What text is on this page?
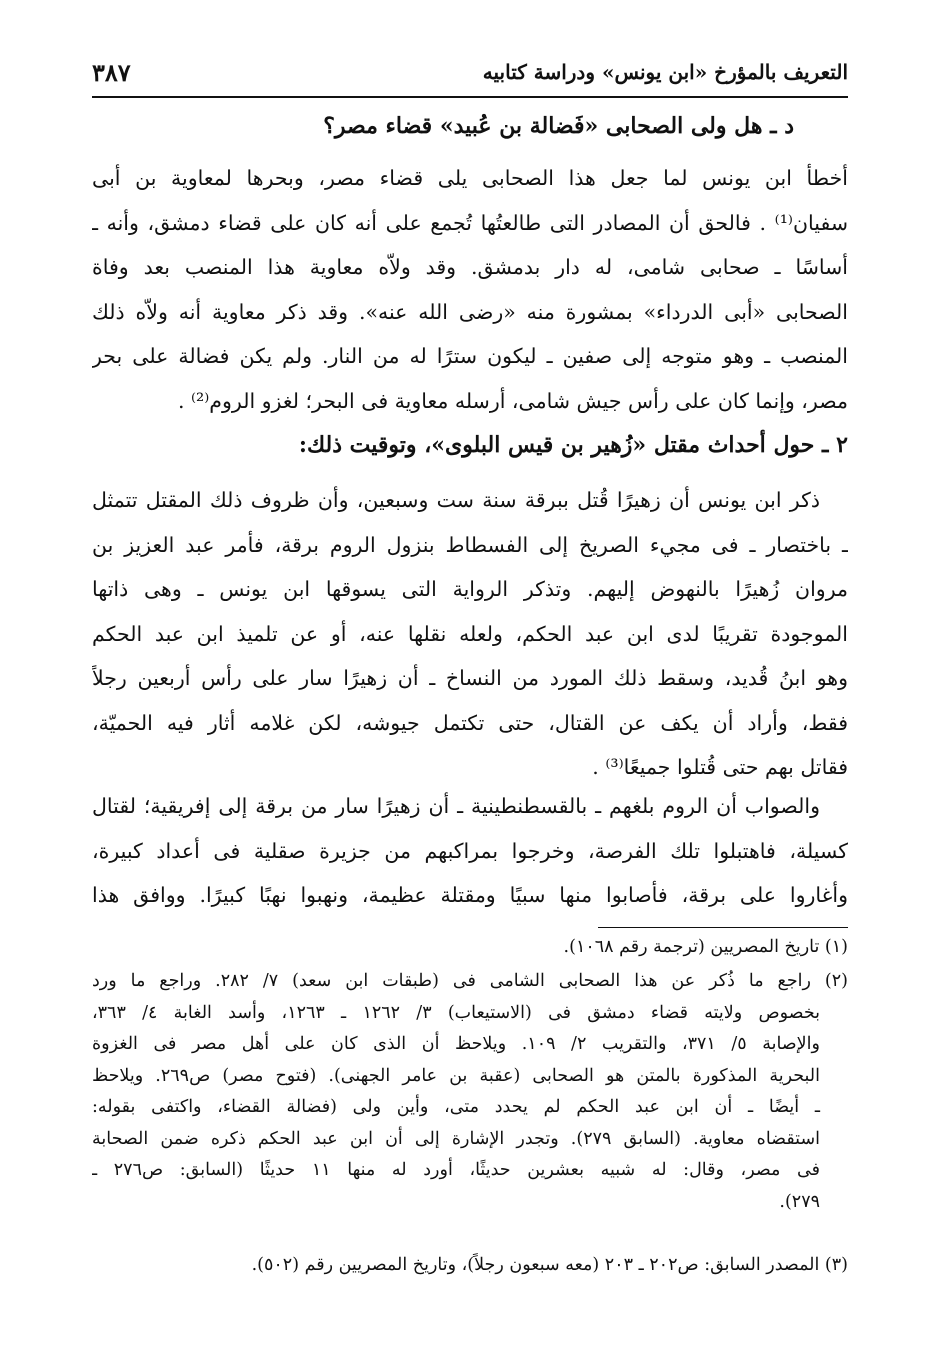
التعريف بالمؤرخ «ابن يونس» ودراسة كتابيه
٣٨٧
د ـ هل ولى الصحابى «فَضالة بن عُبيد» قضاء مصر؟
أخطأ ابن يونس لما جعل هذا الصحابى يلى قضاء مصر، وبحرها لمعاوية بن أبى
سفيان⁽¹⁾ . فالحق أن المصادر التى طالعتُها تُجمع على أنه كان على قضاء دمشق، وأنه ـ
أساسًا ـ صحابى شامى، له دار بدمشق. وقد ولاّه معاوية هذا المنصب بعد وفاة
الصحابى «أبى الدرداء» بمشورة منه «رضى الله عنه». وقد ذكر معاوية أنه ولاّه ذلك
المنصب ـ وهو متوجه إلى صفين ـ ليكون سترًا له من النار. ولم يكن فضالة على بحر
مصر، وإنما كان على رأس جيش شامى، أرسله معاوية فى البحر؛ لغزو الروم⁽²⁾ .
٢ ـ حول أحداث مقتل «زُهير بن قيس البلوى»، وتوقيت ذلك:
ذكر ابن يونس أن زهيرًا قُتل ببرقة سنة ست وسبعين، وأن ظروف ذلك المقتل تتمثل
ـ باختصار ـ فى مجيء الصريخ إلى الفسطاط بنزول الروم برقة، فأمر عبد العزيز بن
مروان زُهيرًا بالنهوض إليهم. وتذكر الرواية التى يسوقها ابن يونس ـ وهى ذاتها
الموجودة تقريبًا لدى ابن عبد الحكم، ولعله نقلها عنه، أو عن تلميذ ابن عبد الحكم
وهو ابنُ قُديد، وسقط ذلك المورد من النساخ ـ أن زهيرًا سار على رأس أربعين رجلاً
فقط، وأراد أن يكف عن القتال، حتى تكتمل جيوشه، لكن غلامه أثار فيه الحميّة،
فقاتل بهم حتى قُتلوا جميعًا⁽³⁾ .
والصواب أن الروم بلغهم ـ بالقسطنطينية ـ أن زهيرًا سار من برقة إلى إفريقية؛ لقتال
كسيلة، فاهتبلوا تلك الفرصة، وخرجوا بمراكبهم من جزيرة صقلية فى أعداد كبيرة،
وأغاروا على برقة، فأصابوا منها سبيًا ومقتلة عظيمة، ونهبوا نهبًا كبيرًا. ووافق هذا
(١) تاريخ المصريين (ترجمة رقم ١٠٦٨).
(٢) راجع ما ذُكر عن هذا الصحابى الشامى فى (طبقات ابن سعد) ٧/ ٢٨٢. وراجع ما ورد
بخصوص ولايته قضاء دمشق فى (الاستيعاب) ٣/ ١٢٦٢ ـ ١٢٦٣، وأسد الغابة ٤/ ٣٦٣،
والإصابة ٥/ ٣٧١، والتقريب ٢/ ١٠٩. ويلاحظ أن الذى كان على أهل مصر فى الغزوة
البحرية المذكورة بالمتن هو الصحابى (عقبة بن عامر الجهنى). (فتوح مصر) ص٢٦٩. ويلاحظ
ـ أيضًا ـ أن ابن عبد الحكم لم يحدد متى، وأين ولى (فضالة القضاء، واكتفى بقوله:
استقضاه معاوية. (السابق ٢٧٩). وتجدر الإشارة إلى أن ابن عبد الحكم ذكره ضمن الصحابة
فى مصر، وقال: له شبيه بعشرين حديثًا، أورد له منها ١١ حديثًا (السابق: ص٢٧٦ ـ
٢٧٩).
(٣) المصدر السابق: ص٢٠٢ ـ ٢٠٣ (معه سبعون رجلاً)، وتاريخ المصريين رقم (٥٠٢).
